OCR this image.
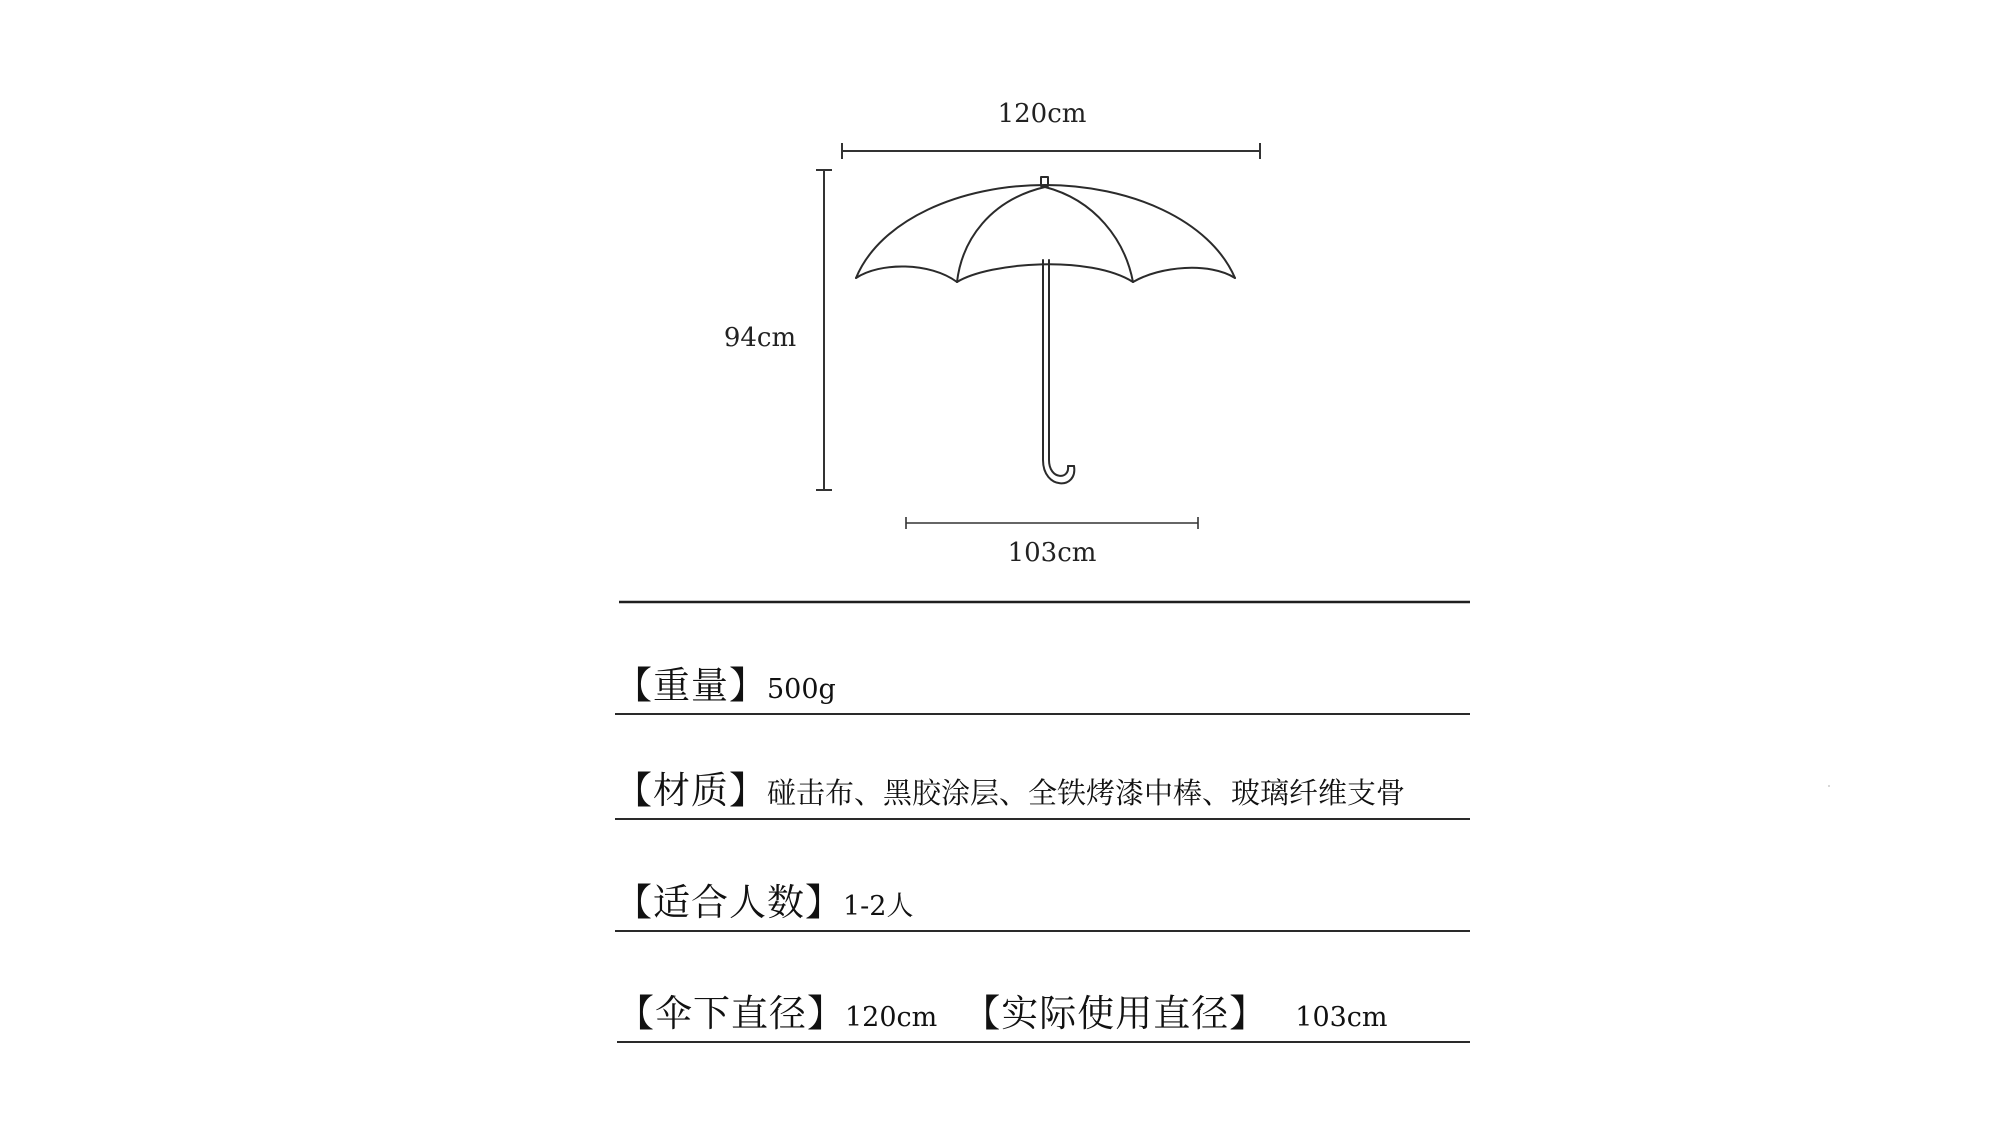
120cm
94cm
103cm
【重量】500g
【材质】碰击布、黑胶涂层、全铁烤漆中棒、玻璃纤维支骨
【适合人数】1-2人
【伞下直径】120cm 【实际使用直径】 103cm
